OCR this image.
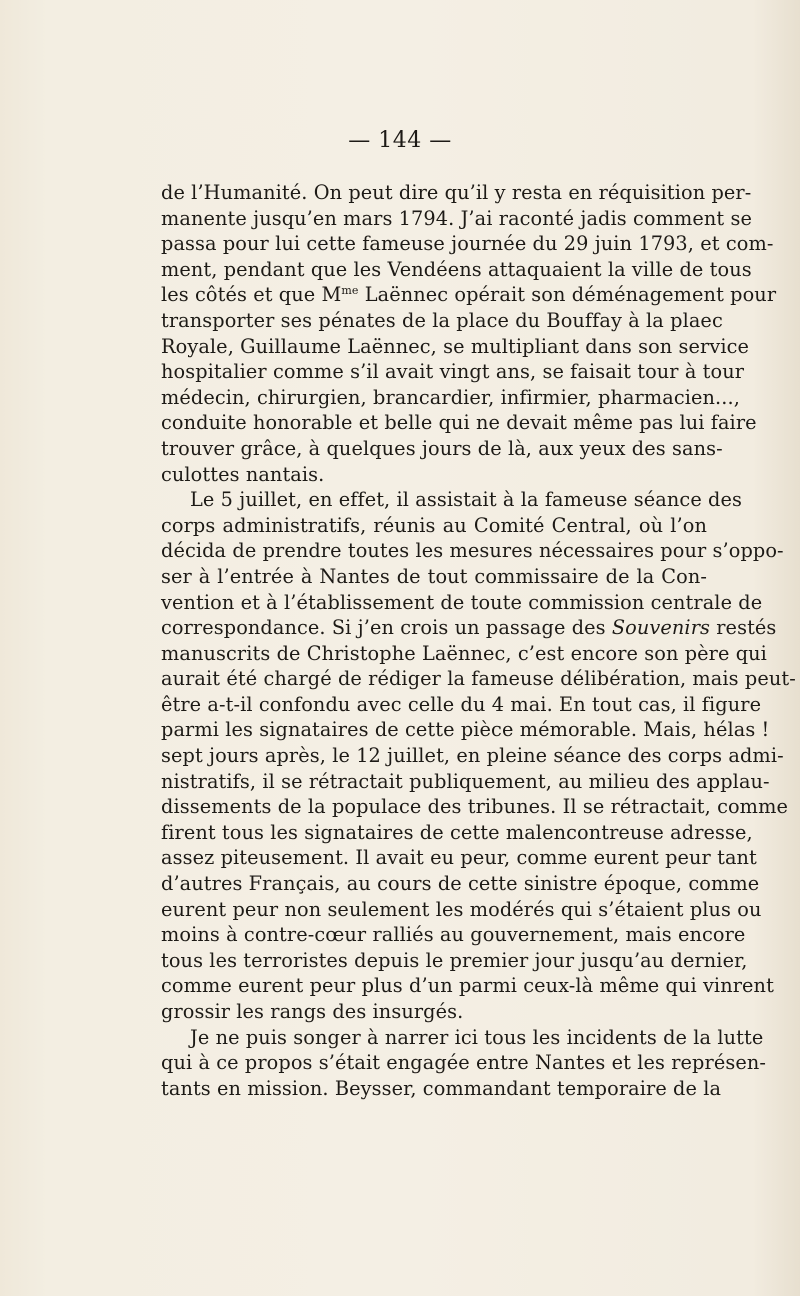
— 144 —
de l’Humanité. On peut dire qu’il y resta en réquisition per-
manente jusqu’en mars 1794. J’ai raconté jadis comment se
passa pour lui cette fameuse journée du 29 juin 1793, et com-
ment, pendant que les Vendéens attaquaient la ville de tous
les côtés et que $M^{me}$ Laënnec opérait son déménagement pour
transporter ses pénates de la place du Bouffay à la plaec
Royale, Guillaume Laënnec, se multipliant dans son service
hospitalier comme s’il avait vingt ans, se faisait tour à tour
médecin, chirurgien, brancardier, infirmier, pharmacien...,
conduite honorable et belle qui ne devait même pas lui faire
trouver grâce, à quelques jours de là, aux yeux des sans-
culottes nantais.
Le 5 juillet, en effet, il assistait à la fameuse séance des
corps administratifs, réunis au Comité Central, où l’on
décida de prendre toutes les mesures nécessaires pour s’oppo-
ser à l’entrée à Nantes de tout commissaire de la Con-
vention et à l’établissement de toute commission centrale de
correspondance. Si j’en crois un passage des Souvenirs restés
manuscrits de Christophe Laënnec, c’est encore son père qui
aurait été chargé de rédiger la fameuse délibération, mais peut-
être a-t-il confondu avec celle du 4 mai. En tout cas, il figure
parmi les signataires de cette pièce mémorable. Mais, hélas !
sept jours après, le 12 juillet, en pleine séance des corps admi-
nistratifs, il se rétractait publiquement, au milieu des applau-
dissements de la populace des tribunes. Il se rétractait, comme
firent tous les signataires de cette malencontreuse adresse,
assez piteusement. Il avait eu peur, comme eurent peur tant
d’autres Français, au cours de cette sinistre époque, comme
eurent peur non seulement les modérés qui s’étaient plus ou
moins à contre-cœur ralliés au gouvernement, mais encore
tous les terroristes depuis le premier jour jusqu’au dernier,
comme eurent peur plus d’un parmi ceux-là même qui vinrent
grossir les rangs des insurgés.
Je ne puis songer à narrer ici tous les incidents de la lutte
qui à ce propos s’était engagée entre Nantes et les représen-
tants en mission. Beysser, commandant temporaire de la
